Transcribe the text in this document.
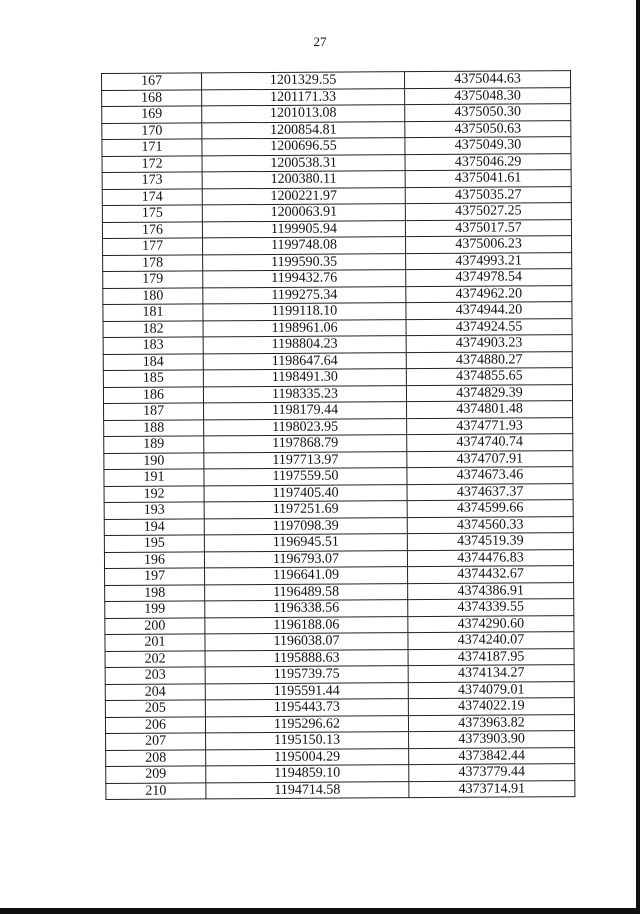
27
167	1201329.55	4375044.63
168	1201171.33	4375048.30
169	1201013.08	4375050.30
170	1200854.81	4375050.63
171	1200696.55	4375049.30
172	1200538.31	4375046.29
173	1200380.11	4375041.61
174	1200221.97	4375035.27
175	1200063.91	4375027.25
176	1199905.94	4375017.57
177	1199748.08	4375006.23
178	1199590.35	4374993.21
179	1199432.76	4374978.54
180	1199275.34	4374962.20
181	1199118.10	4374944.20
182	1198961.06	4374924.55
183	1198804.23	4374903.23
184	1198647.64	4374880.27
185	1198491.30	4374855.65
186	1198335.23	4374829.39
187	1198179.44	4374801.48
188	1198023.95	4374771.93
189	1197868.79	4374740.74
190	1197713.97	4374707.91
191	1197559.50	4374673.46
192	1197405.40	4374637.37
193	1197251.69	4374599.66
194	1197098.39	4374560.33
195	1196945.51	4374519.39
196	1196793.07	4374476.83
197	1196641.09	4374432.67
198	1196489.58	4374386.91
199	1196338.56	4374339.55
200	1196188.06	4374290.60
201	1196038.07	4374240.07
202	1195888.63	4374187.95
203	1195739.75	4374134.27
204	1195591.44	4374079.01
205	1195443.73	4374022.19
206	1195296.62	4373963.82
207	1195150.13	4373903.90
208	1195004.29	4373842.44
209	1194859.10	4373779.44
210	1194714.58	4373714.91
